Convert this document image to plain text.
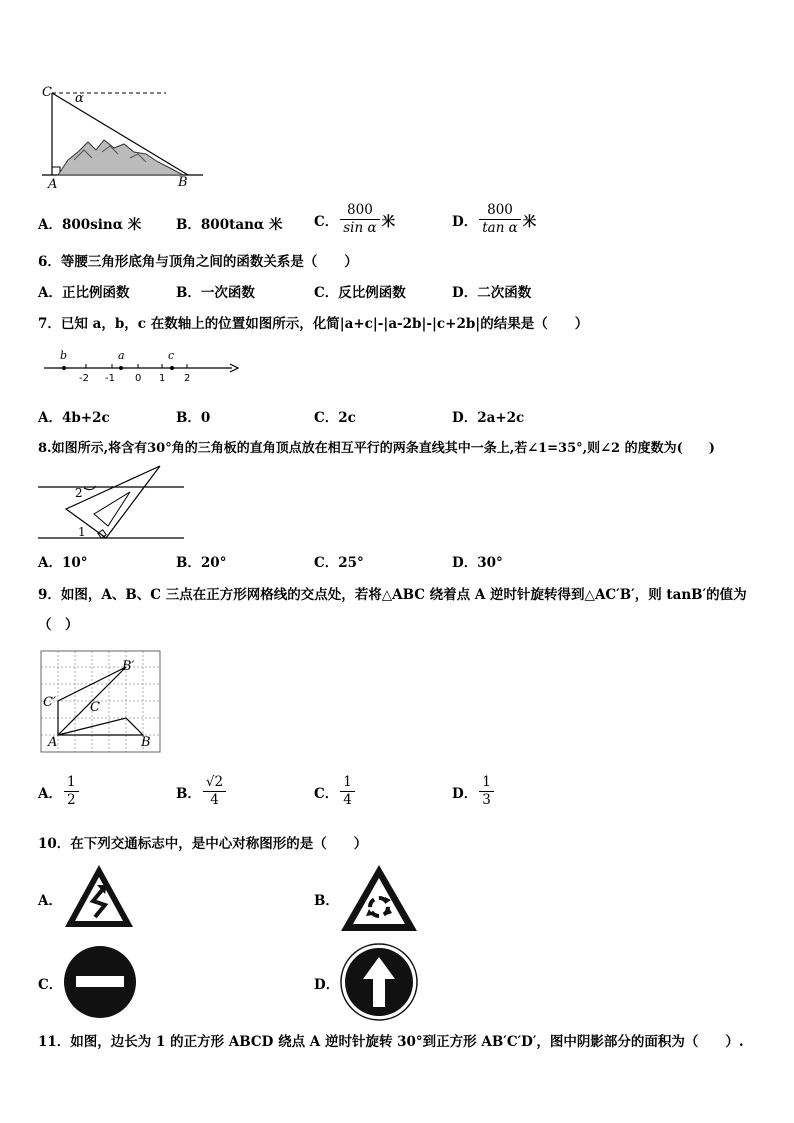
C α
A	B
A．800sinα 米	B．800tanα 米 C． $\frac{800}{\text{sin α}}$ 米	D． $\frac{800}{\text{tan α}}$ 米
6．等腰三角形底角与顶角之间的函数关系是（　　）
A．正比例函数	B．一次函数	C．反比例函数	D．二次函数
7．已知 a，b，c 在数轴上的位置如图所示，化简|a+c|-|a-2b|-|c+2b|的结果是（　　）
b	a	c
-2 -1 0 1 2
A．4b+2c	B．0	C．2c	D．2a+2c
8.如图所示,将含有30°角的三角板的直角顶点放在相互平行的两条直线其中一条上,若∠1=35°,则∠2 的度数为(　　)
2
1
A．10°	B．20°	C．25°	D．30°
9．如图，A、B、C 三点在正方形网格线的交点处，若将△ABC 绕着点 A 逆时针旋转得到△AC′B′，则 tanB′的值为
（　）
B′
C′	C
A	B
A． $\frac{1}{2}$	B． $\frac{√2}{4}$	C． $\frac{1}{4}$	D． $\frac{1}{3}$
10．在下列交通标志中，是中心对称图形的是（　　）
A．	B．
C．	D．
11．如图，边长为 1 的正方形 ABCD 绕点 A 逆时针旋转 30°到正方形 AB′C′D′，图中阴影部分的面积为（　　）.
